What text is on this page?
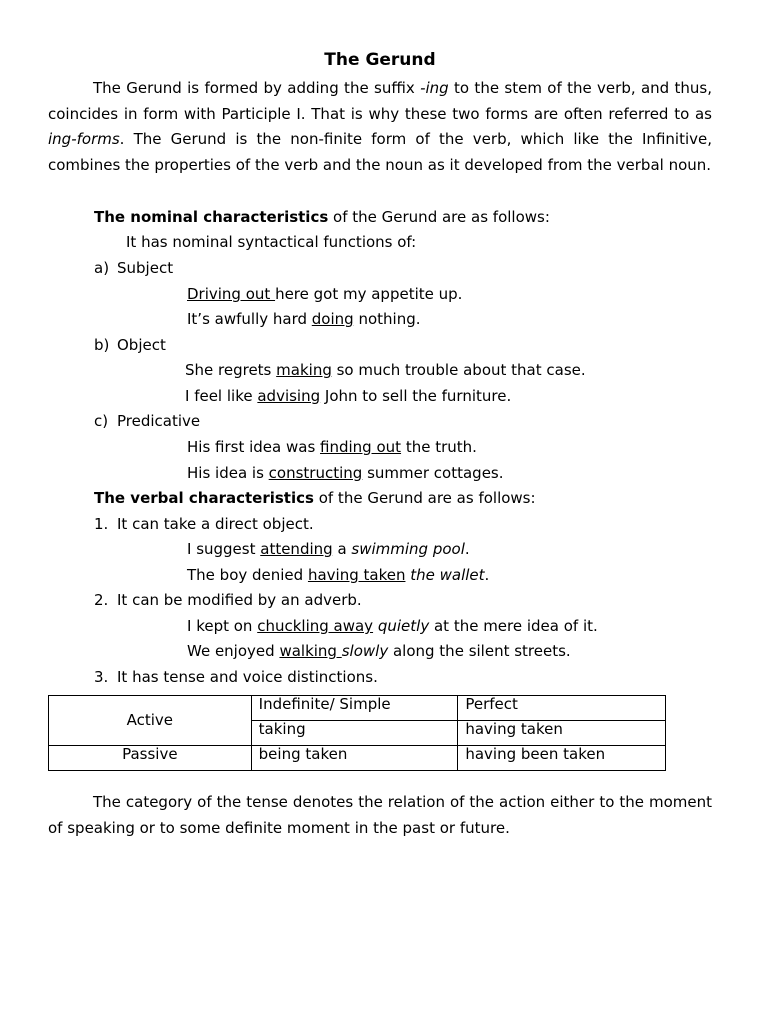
The Gerund

The Gerund is formed by adding the suffix -ing to the stem of the verb, and thus, coincides in form with Participle I. That is why these two forms are often referred to as ing-forms. The Gerund is the non-finite form of the verb, which like the Infinitive, combines the properties of the verb and the noun as it developed from the verbal noun.

The nominal characteristics of the Gerund are as follows:
It has nominal syntactical functions of:
a) Subject
Driving out here got my appetite up.
It’s awfully hard doing nothing.
b) Object
She regrets making so much trouble about that case.
I feel like advising John to sell the furniture.
c) Predicative
His first idea was finding out the truth.
His idea is constructing summer cottages.
The verbal characteristics of the Gerund are as follows:
1. It can take a direct object.
I suggest attending a swimming pool.
The boy denied having taken the wallet.
2. It can be modified by an adverb.
I kept on chuckling away quietly at the mere idea of it.
We enjoyed walking slowly along the silent streets.
3. It has tense and voice distinctions.
Active	Indefinite/ Simple	Perfect
	taking	having taken
Passive	being taken	having been taken

The category of the tense denotes the relation of the action either to the moment of speaking or to some definite moment in the past or future.
